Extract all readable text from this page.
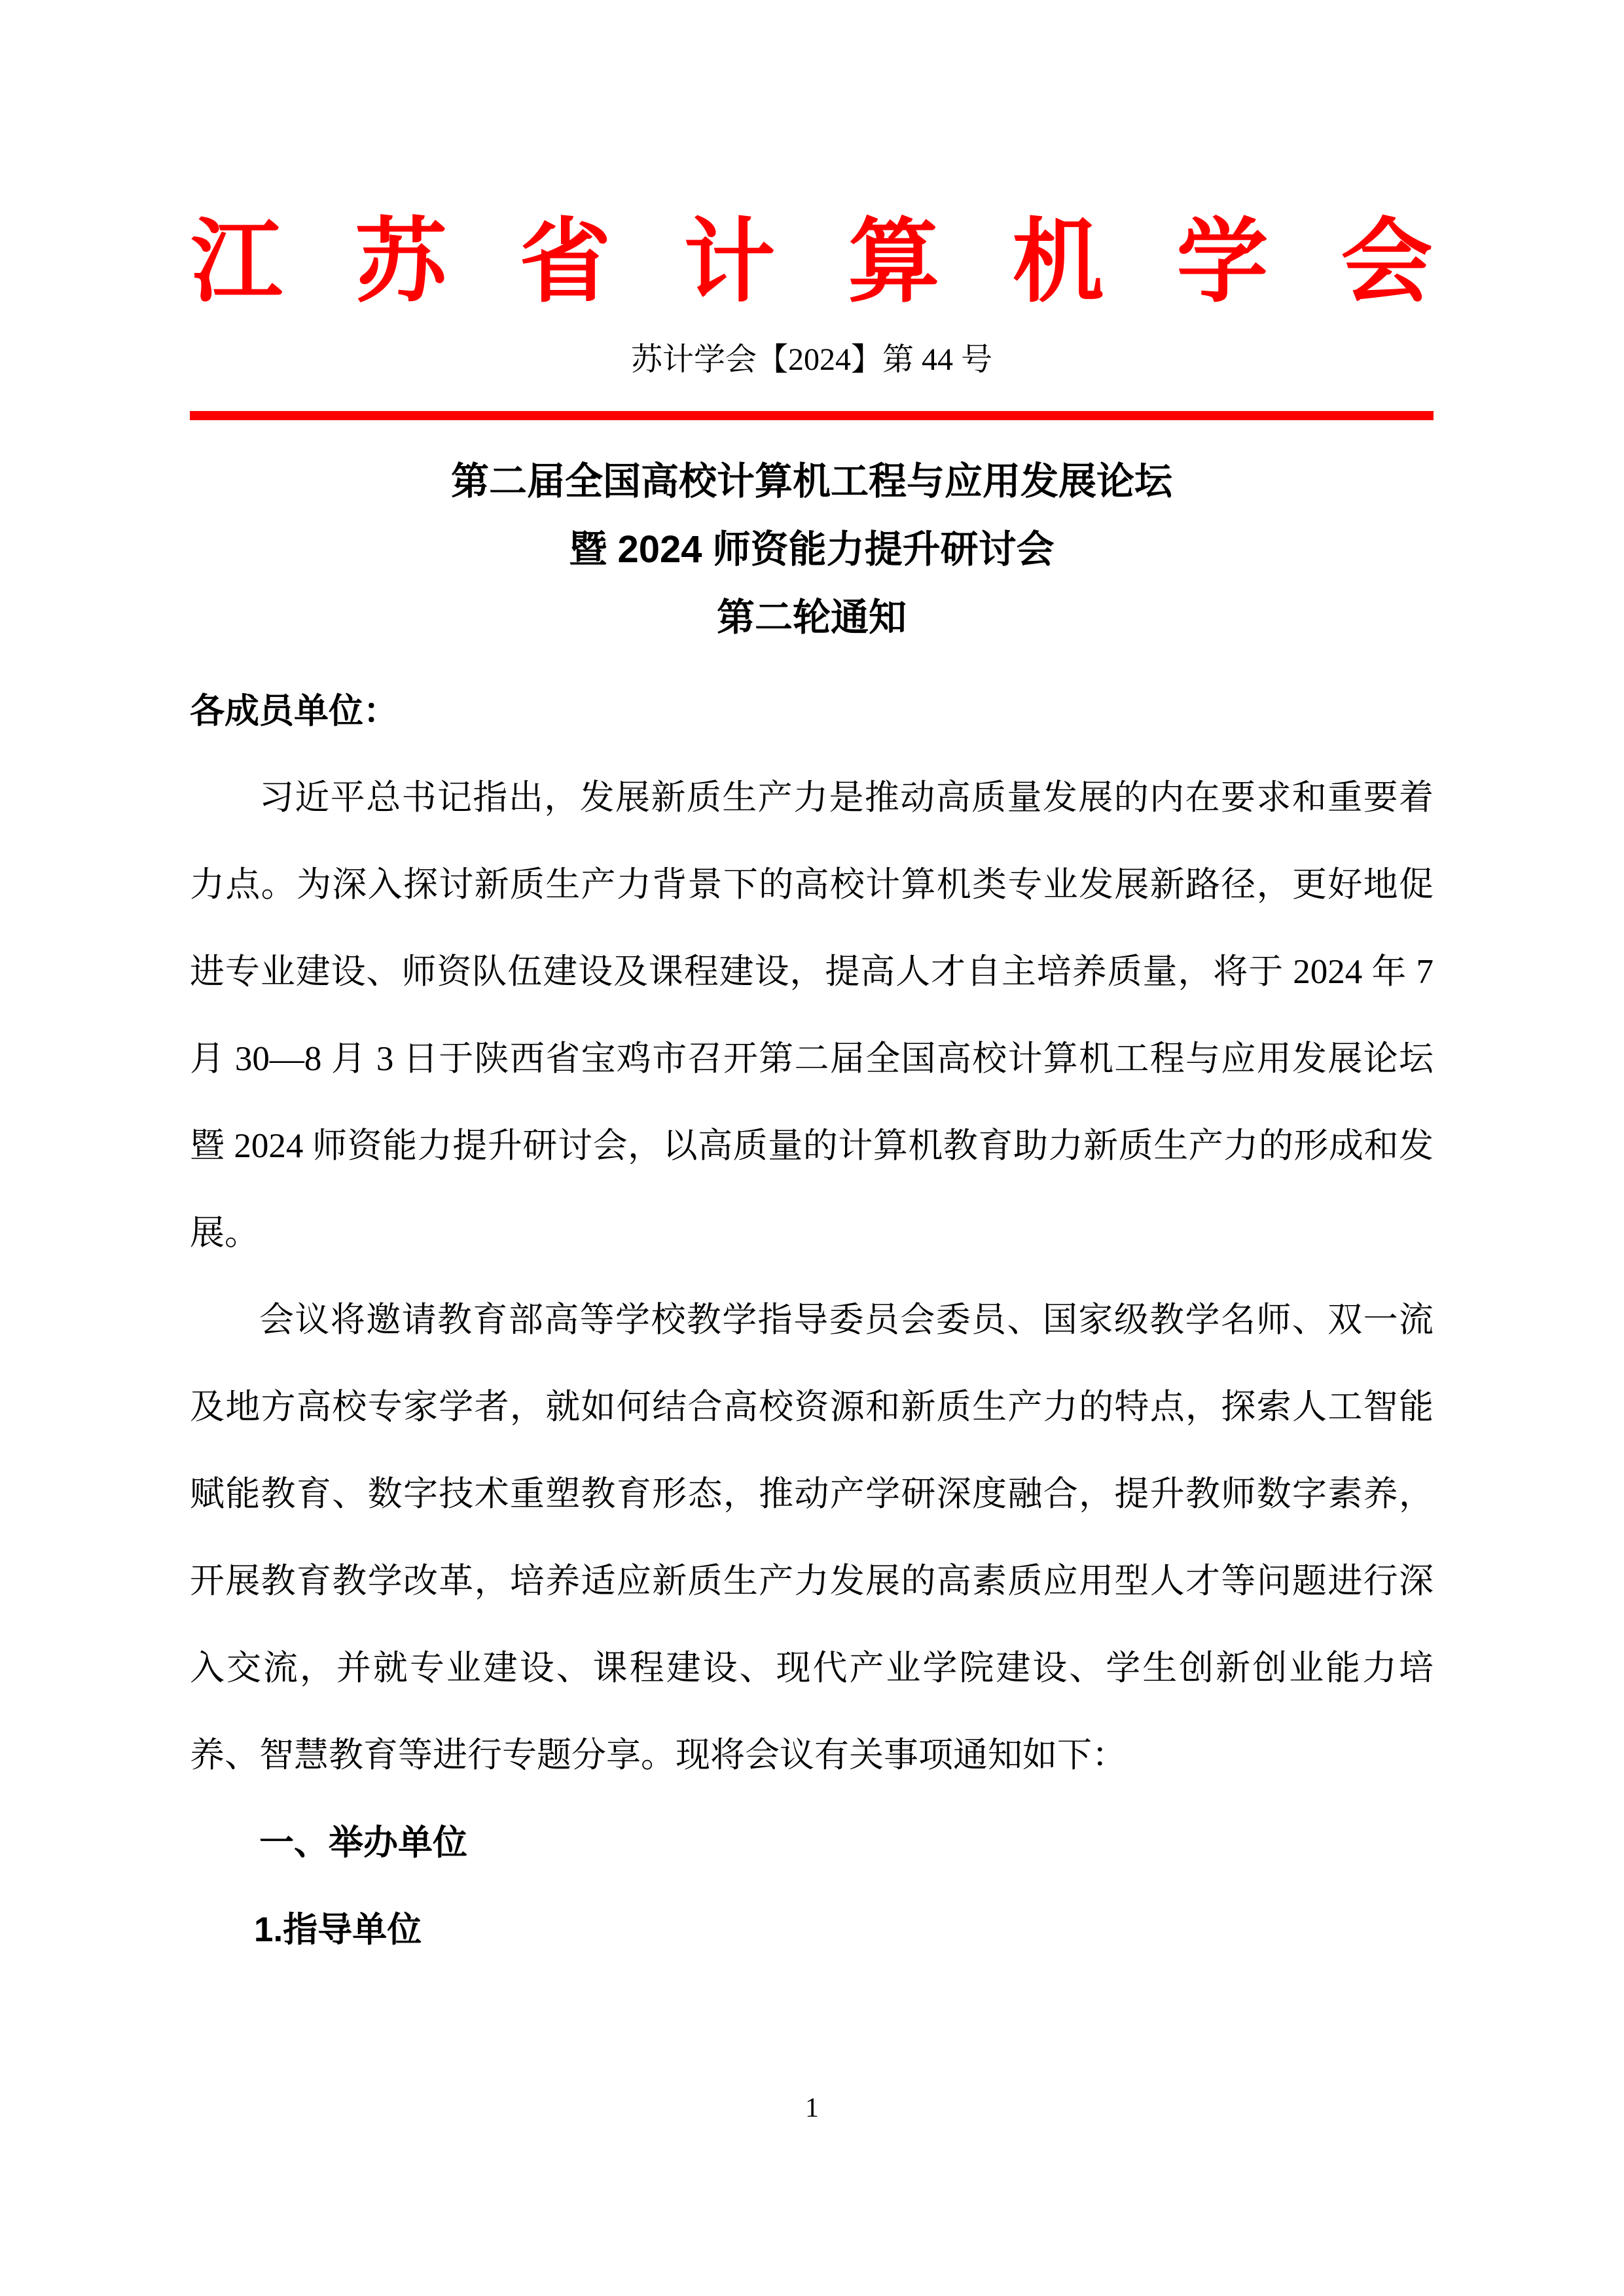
江苏省计算机学会
苏计学会【2024】第 44 号
第二届全国高校计算机工程与应用发展论坛
暨 2024 师资能力提升研讨会
第二轮通知

各成员单位：

习近平总书记指出，发展新质生产力是推动高质量发展的内在要求和重要着力点。为深入探讨新质生产力背景下的高校计算机类专业发展新路径，更好地促进专业建设、师资队伍建设及课程建设，提高人才自主培养质量，将于 2024 年 7 月 30—8 月 3 日于陕西省宝鸡市召开第二届全国高校计算机工程与应用发展论坛暨 2024 师资能力提升研讨会，以高质量的计算机教育助力新质生产力的形成和发展。

会议将邀请教育部高等学校教学指导委员会委员、国家级教学名师、双一流及地方高校专家学者，就如何结合高校资源和新质生产力的特点，探索人工智能赋能教育、数字技术重塑教育形态，推动产学研深度融合，提升教师数字素养，开展教育教学改革，培养适应新质生产力发展的高素质应用型人才等问题进行深入交流，并就专业建设、课程建设、现代产业学院建设、学生创新创业能力培养、智慧教育等进行专题分享。现将会议有关事项通知如下：

一、举办单位

1.指导单位

1
